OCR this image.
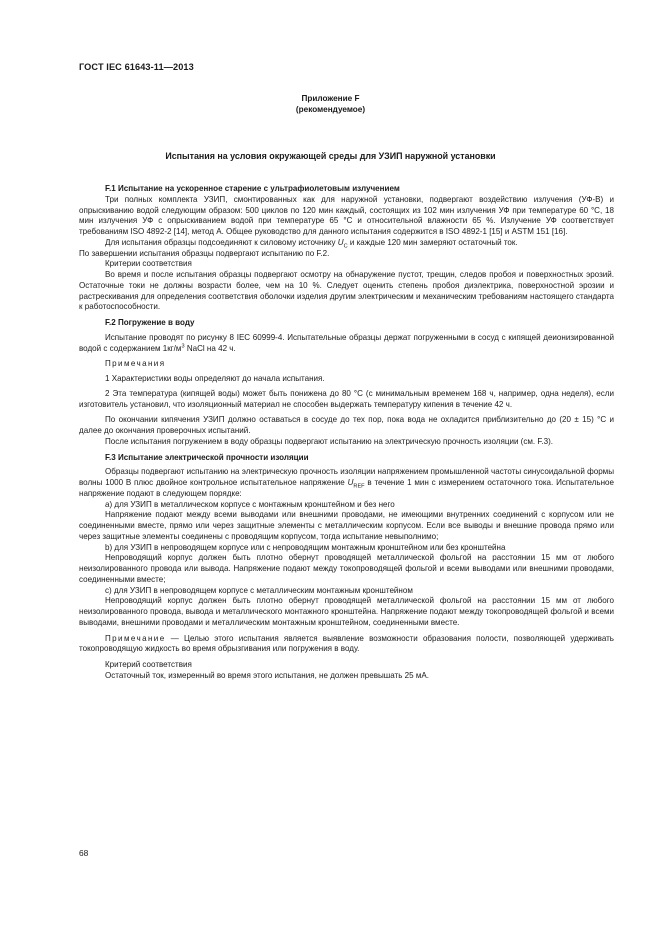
ГОСТ IEC 61643-11—2013
Приложение F
(рекомендуемое)
Испытания на условия окружающей среды для УЗИП наружной установки
F.1 Испытание на ускоренное старение с ультрафиолетовым излучением

Три полных комплекта УЗИП, смонтированных как для наружной установки, подвергают воздействию излучения (УФ-В) и опрыскиванию водой следующим образом: 500 циклов по 120 мин каждый, состоящих из 102 мин излучения УФ при температуре 60 °С, 18 мин излучения УФ с опрыскиванием водой при температуре 65 °С и относительной влажности 65 %. Излучение УФ соответствует требованиям ISO 4892-2 [14], метод А. Общее руководство для данного испытания содержится в ISO 4892-1 [15] и ASTM 151 [16].

Для испытания образцы подсоединяют к силовому источнику $U_C$ и каждые 120 мин замеряют остаточный ток.

По завершении испытания образцы подвергают испытанию по F.2.

Критерии соответствия

Во время и после испытания образцы подвергают осмотру на обнаружение пустот, трещин, следов пробоя и поверхностных эрозий. Остаточные токи не должны возрасти более, чем на 10 %. Следует оценить степень пробоя диэлектрика, поверхностной эрозии и растрескивания для определения соответствия оболочки изделия другим электрическим и механическим требованиям настоящего стандарта к работоспособности.

F.2 Погружение в воду

Испытание проводят по рисунку 8 IEC 60999-4. Испытательные образцы держат погруженными в сосуд с кипящей деионизированной водой с содержанием $1кг/м^3$ NaCl на 42 ч.

Примечания

1 Характеристики воды определяют до начала испытания.

2 Эта температура (кипящей воды) может быть понижена до 80 °С (с минимальным временем 168 ч, например, одна неделя), если изготовитель установил, что изоляционный материал не способен выдержать температуру кипения в течение 42 ч.

По окончании кипячения УЗИП должно оставаться в сосуде до тех пор, пока вода не охладится приблизительно до (20 ± 15) °С и далее до окончания проверочных испытаний.

После испытания погружением в воду образцы подвергают испытанию на электрическую прочность изоляции (см. F.3).

F.3 Испытание электрической прочности изоляции

Образцы подвергают испытанию на электрическую прочность изоляции напряжением промышленной частоты синусоидальной формы волны 1000 В плюс двойное контрольное испытательное напряжение $U_{REF}$ в течение 1 мин с измерением остаточного тока. Испытательное напряжение подают в следующем порядке:

a) для УЗИП в металлическом корпусе с монтажным кронштейном и без него

Напряжение подают между всеми выводами или внешними проводами, не имеющими внутренних соединений с корпусом или не соединенными вместе, прямо или через защитные элементы с металлическим корпусом. Если все выводы и внешние провода прямо или через защитные элементы соединены с проводящим корпусом, тогда испытание невыполнимо;

b) для УЗИП в непроводящем корпусе или с непроводящим монтажным кронштейном или без кронштейна

Непроводящий корпус должен быть плотно обернут проводящей металлической фольгой на расстоянии 15 мм от любого неизолированного провода или вывода. Напряжение подают между токопроводящей фольгой и всеми выводами или внешними проводами, соединенными вместе;

c) для УЗИП в непроводящем корпусе с металлическим монтажным кронштейном

Непроводящий корпус должен быть плотно обернут проводящей металлической фольгой на расстоянии 15 мм от любого неизолированного провода, вывода и металлического монтажного кронштейна. Напряжение подают между токопроводящей фольгой и всеми выводами, внешними проводами и металлическим монтажным кронштейном, соединенными вместе.

Примечание — Целью этого испытания является выявление возможности образования полости, позволяющей удерживать токопроводящую жидкость во время обрызгивания или погружения в воду.

Критерий соответствия

Остаточный ток, измеренный во время этого испытания, не должен превышать 25 мА.

68
